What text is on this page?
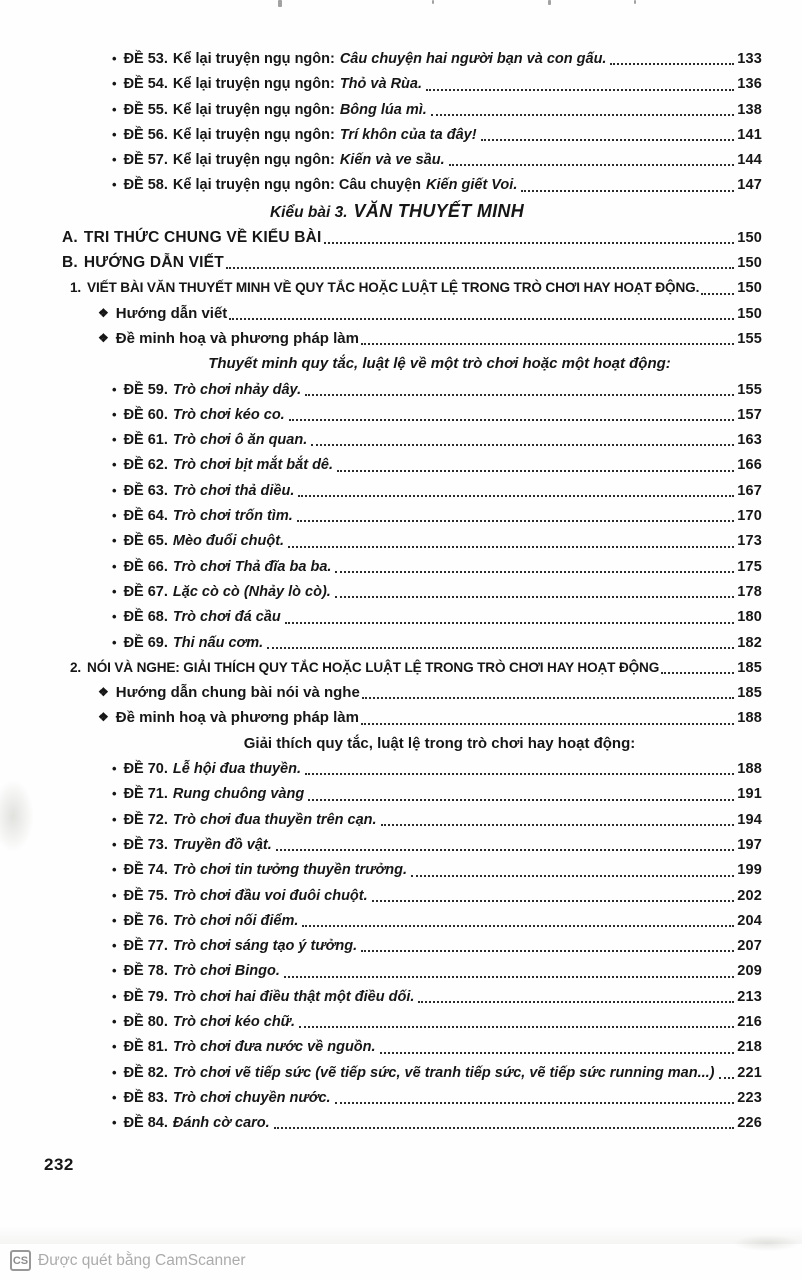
• ĐỀ 53. Kể lại truyện ngụ ngôn: Câu chuyện hai người bạn và con gấu.	133
• ĐỀ 54. Kể lại truyện ngụ ngôn: Thỏ và Rùa.	136
• ĐỀ 55. Kể lại truyện ngụ ngôn: Bông lúa mì.	138
• ĐỀ 56. Kể lại truyện ngụ ngôn: Trí khôn của ta đây!	141
• ĐỀ 57. Kể lại truyện ngụ ngôn: Kiến và ve sầu.	144
• ĐỀ 58. Kể lại truyện ngụ ngôn: Câu chuyện Kiến giết Voi.	147
Kiểu bài 3. VĂN THUYẾT MINH
A. TRI THỨC CHUNG VỀ KIỂU BÀI	150
B. HƯỚNG DẪN VIẾT	150
1. VIẾT BÀI VĂN THUYẾT MINH VỀ QUY TẮC HOẶC LUẬT LỆ TRONG TRÒ CHƠI HAY HOẠT ĐỘNG.	150
❖ Hướng dẫn viết	150
❖ Đề minh hoạ và phương pháp làm	155
Thuyết minh quy tắc, luật lệ về một trò chơi hoặc một hoạt động:
• ĐỀ 59. Trò chơi nhảy dây.	155
• ĐỀ 60. Trò chơi kéo co.	157
• ĐỀ 61. Trò chơi ô ăn quan.	163
• ĐỀ 62. Trò chơi bịt mắt bắt dê.	166
• ĐỀ 63. Trò chơi thả diều.	167
• ĐỀ 64. Trò chơi trốn tìm.	170
• ĐỀ 65. Mèo đuổi chuột.	173
• ĐỀ 66. Trò chơi Thả đĩa ba ba.	175
• ĐỀ 67. Lặc cò cò (Nhảy lò cò).	178
• ĐỀ 68. Trò chơi đá cầu	180
• ĐỀ 69. Thi nấu cơm.	182
2. NÓI VÀ NGHE: GIẢI THÍCH QUY TẮC HOẶC LUẬT LỆ TRONG TRÒ CHƠI HAY HOẠT ĐỘNG	185
❖ Hướng dẫn chung bài nói và nghe	185
❖ Đề minh hoạ và phương pháp làm	188
Giải thích quy tắc, luật lệ trong trò chơi hay hoạt động:
• ĐỀ 70. Lễ hội đua thuyền.	188
• ĐỀ 71. Rung chuông vàng	191
• ĐỀ 72. Trò chơi đua thuyền trên cạn.	194
• ĐỀ 73. Truyền đồ vật.	197
• ĐỀ 74. Trò chơi tin tưởng thuyền trưởng.	199
• ĐỀ 75. Trò chơi đầu voi đuôi chuột.	202
• ĐỀ 76. Trò chơi nối điểm.	204
• ĐỀ 77. Trò chơi sáng tạo ý tưởng.	207
• ĐỀ 78. Trò chơi Bingo.	209
• ĐỀ 79. Trò chơi hai điều thật một điều dối.	213
• ĐỀ 80. Trò chơi kéo chữ.	216
• ĐỀ 81. Trò chơi đưa nước về nguồn.	218
• ĐỀ 82. Trò chơi vẽ tiếp sức (vẽ tiếp sức, vẽ tranh tiếp sức, vẽ tiếp sức running man...) 221
• ĐỀ 83. Trò chơi chuyền nước.	223
• ĐỀ 84. Đánh cờ caro.	226
232
CS Được quét bằng CamScanner
